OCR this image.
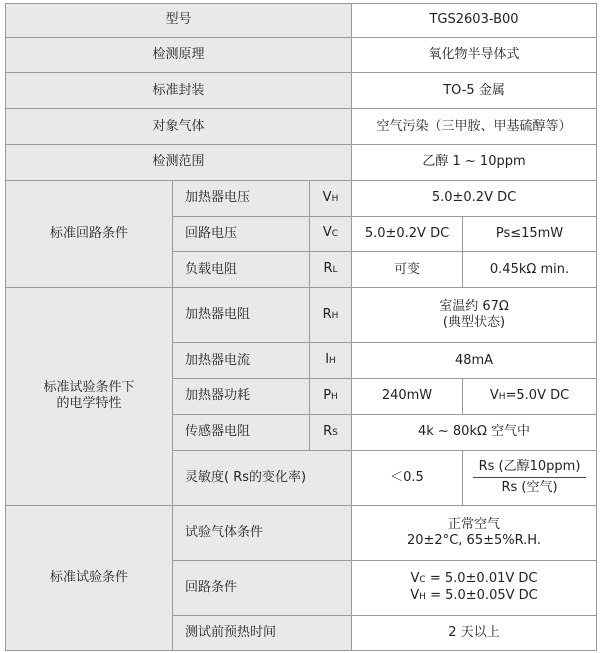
型号			TGS2603-B00	
检测原理			氧化物半导体式	
标准封装			TO-5 金属	
对象气体			空气污染（三甲胺、甲基硫醇等）	
检测范围			乙醇 1 ~ 10ppm	
标准回路条件	加热器电压	VH	5.0±0.2V DC	
	回路电压	VC	5.0±0.2V DC	Ps≤15mW
	负载电阻	RL	可变	0.45kΩ min.

标准试验条件下
的电学特性	加热器电阻	RH	室温约 67Ω
(典型状态)	

	加热器电流	IH	48mA	
	加热器功耗	PH	240mW	VH=5.0V DC
	传感器电阻	RS	4k ~ 80kΩ 空气中	
	灵敏度( Rs的变化率)		＜0.5	Rs (乙醇10ppm)
Rs (空气)

标准试验条件	试验气体条件		正常空气
20±2°C, 65±5%R.H.	

	回路条件		VC = 5.0±0.01V DC
VH = 5.0±0.05V DC	

	测试前预热时间		2 天以上	
